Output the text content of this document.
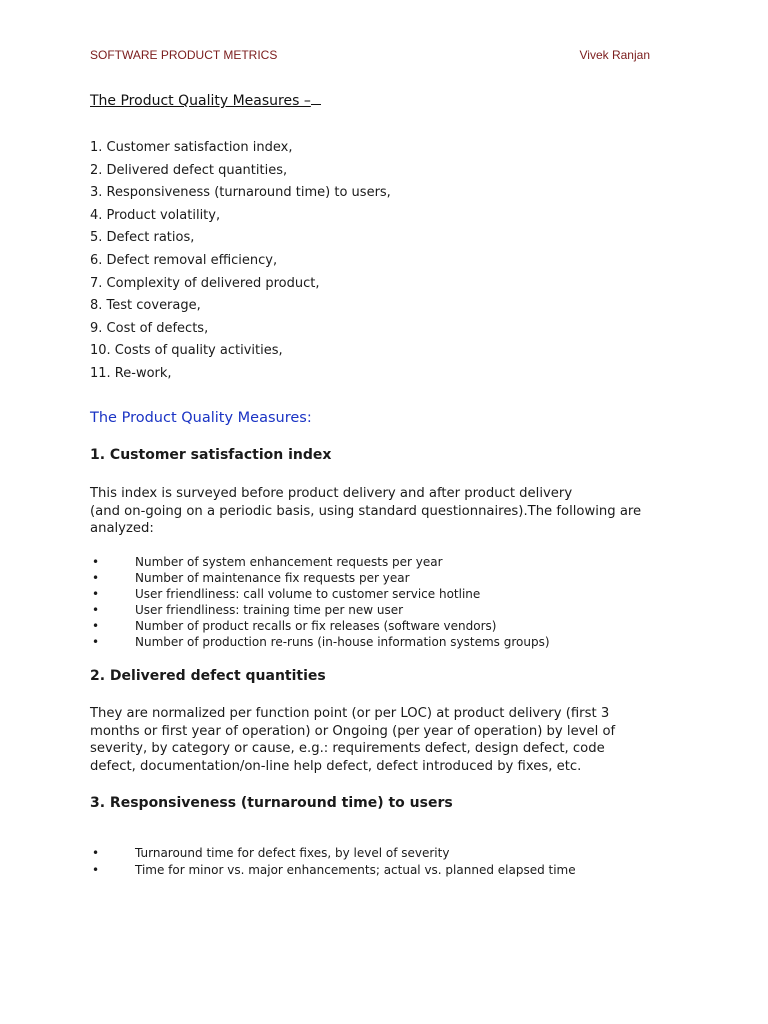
SOFTWARE PRODUCT METRICS	Vivek Ranjan
The Product Quality Measures –
1. Customer satisfaction index,
2. Delivered defect quantities,
3. Responsiveness (turnaround time) to users,
4. Product volatility,
5. Defect ratios,
6. Defect removal efficiency,
7. Complexity of delivered product,
8. Test coverage,
9. Cost of defects,
10. Costs of quality activities,
11. Re-work,
The Product Quality Measures:
1. Customer satisfaction index
This index is surveyed before product delivery and after product delivery
(and on-going on a periodic basis, using standard questionnaires).The following are
analyzed:
•	Number of system enhancement requests per year
•	Number of maintenance fix requests per year
•	User friendliness: call volume to customer service hotline
•	User friendliness: training time per new user
•	Number of product recalls or fix releases (software vendors)
•	Number of production re-runs (in-house information systems groups)
2. Delivered defect quantities
They are normalized per function point (or per LOC) at product delivery (first 3
months or first year of operation) or Ongoing (per year of operation) by level of
severity, by category or cause, e.g.: requirements defect, design defect, code
defect, documentation/on-line help defect, defect introduced by fixes, etc.
3. Responsiveness (turnaround time) to users
•	Turnaround time for defect fixes, by level of severity
•	Time for minor vs. major enhancements; actual vs. planned elapsed time
